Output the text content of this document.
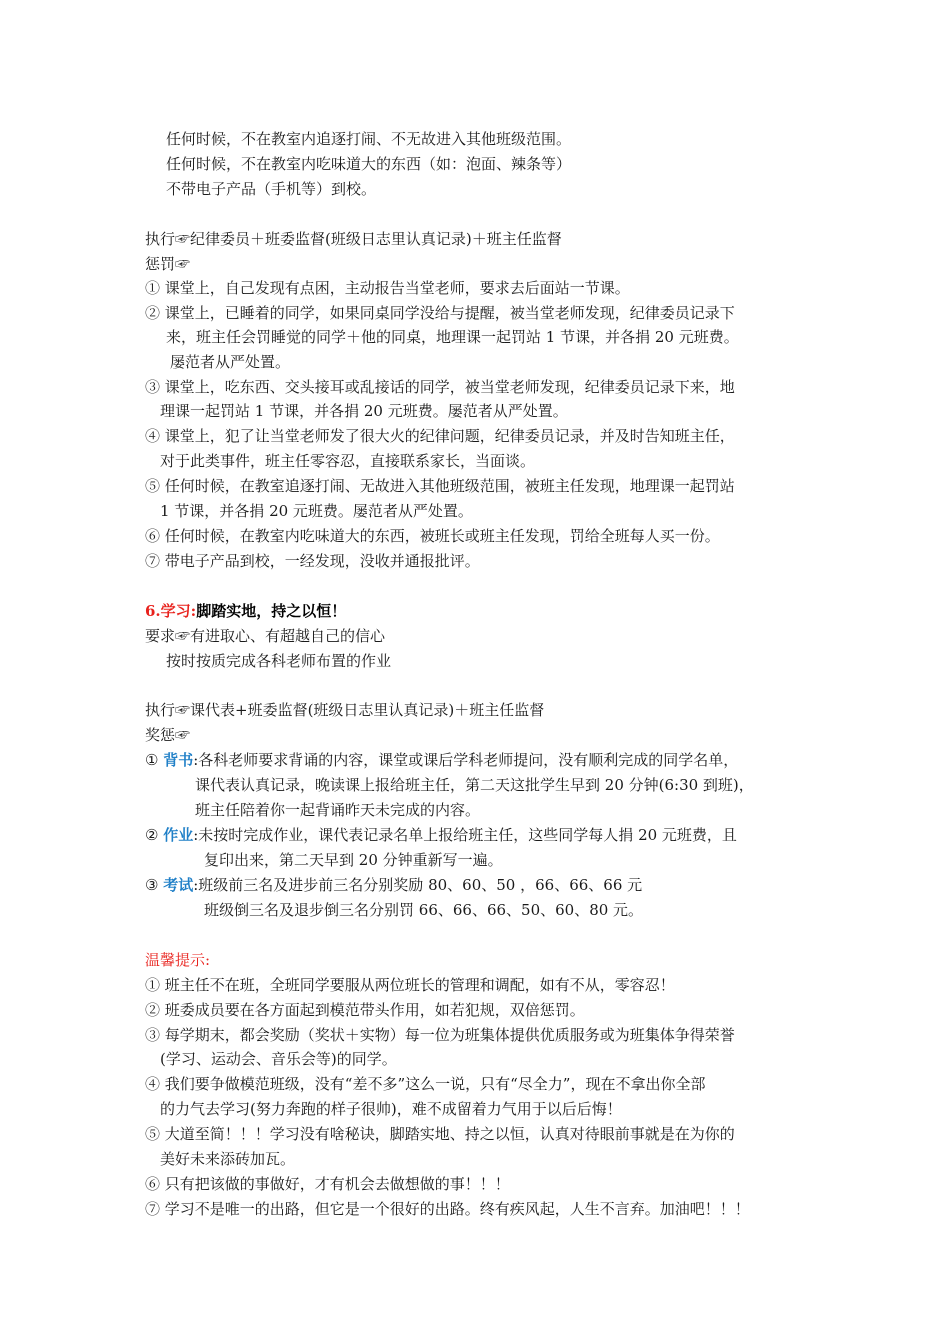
任何时候，不在教室内追逐打闹、不无故进入其他班级范围。
任何时候，不在教室内吃味道大的东西（如：泡面、辣条等）
不带电子产品（手机等）到校。
执行☞纪律委员＋班委监督(班级日志里认真记录)＋班主任监督
惩罚☞
① 课堂上，自己发现有点困，主动报告当堂老师，要求去后面站一节课。
② 课堂上，已睡着的同学，如果同桌同学没给与提醒，被当堂老师发现，纪律委员记录下
来，班主任会罚睡觉的同学＋他的同桌，地理课一起罚站 1 节课，并各捐 20 元班费。
屡范者从严处置。
③ 课堂上，吃东西、交头接耳或乱接话的同学，被当堂老师发现，纪律委员记录下来，地
理课一起罚站 1 节课，并各捐 20 元班费。屡范者从严处置。
④ 课堂上，犯了让当堂老师发了很大火的纪律问题，纪律委员记录，并及时告知班主任，
对于此类事件，班主任零容忍，直接联系家长，当面谈。
⑤ 任何时候，在教室追逐打闹、无故进入其他班级范围，被班主任发现，地理课一起罚站
1 节课，并各捐 20 元班费。屡范者从严处置。
⑥ 任何时候，在教室内吃味道大的东西，被班长或班主任发现，罚给全班每人买一份。
⑦ 带电子产品到校，一经发现，没收并通报批评。
6.学习:脚踏实地，持之以恒！
要求☞有进取心、有超越自己的信心
按时按质完成各科老师布置的作业
执行☞课代表+班委监督(班级日志里认真记录)＋班主任监督
奖惩☞
① 背书:各科老师要求背诵的内容，课堂或课后学科老师提问，没有顺利完成的同学名单，
课代表认真记录，晚读课上报给班主任，第二天这批学生早到 20 分钟(6:30 到班)，
班主任陪着你一起背诵昨天未完成的内容。
② 作业:未按时完成作业，课代表记录名单上报给班主任，这些同学每人捐 20 元班费，且
复印出来，第二天早到 20 分钟重新写一遍。
③ 考试:班级前三名及进步前三名分别奖励 80、60、50 ，66、66、66 元
班级倒三名及退步倒三名分别罚 66、66、66、50、60、80 元。
温馨提示:
① 班主任不在班，全班同学要服从两位班长的管理和调配，如有不从，零容忍！
② 班委成员要在各方面起到模范带头作用，如若犯规，双倍惩罚。
③ 每学期末，都会奖励（奖状＋实物）每一位为班集体提供优质服务或为班集体争得荣誉
(学习、运动会、音乐会等)的同学。
④ 我们要争做模范班级，没有“差不多”这么一说，只有“尽全力”，现在不拿出你全部
的力气去学习(努力奔跑的样子很帅)，难不成留着力气用于以后后悔！
⑤ 大道至简！！！学习没有啥秘诀，脚踏实地、持之以恒，认真对待眼前事就是在为你的
美好未来添砖加瓦。
⑥ 只有把该做的事做好，才有机会去做想做的事！！！
⑦ 学习不是唯一的出路，但它是一个很好的出路。终有疾风起，人生不言弃。加油吧！！！
